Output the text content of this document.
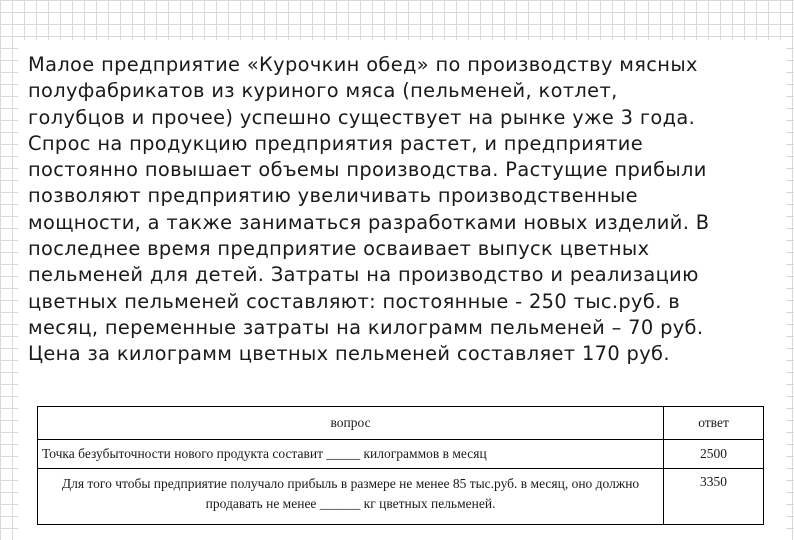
Малое предприятие «Курочкин обед» по производству мясных
полуфабрикатов из куриного мяса (пельменей, котлет,
голубцов и прочее) успешно существует на рынке уже 3 года.
Спрос на продукцию предприятия растет, и предприятие
постоянно повышает объемы производства. Растущие прибыли
позволяют предприятию увеличивать производственные
мощности, а также заниматься разработками новых изделий. В
последнее время предприятие осваивает выпуск цветных
пельменей для детей. Затраты на производство и реализацию
цветных пельменей составляют: постоянные - 250 тыс.руб. в
месяц, переменные затраты на килограмм пельменей – 70 руб.
Цена за килограмм цветных пельменей составляет 170 руб.

вопрос	ответ
Точка безубыточности нового продукта составит _____ килограммов в месяц	2500
Для того чтобы предприятие получало прибыль в размере не менее 85 тыс.руб. в месяц, оно должно продавать не менее ______ кг цветных пельменей.	3350
